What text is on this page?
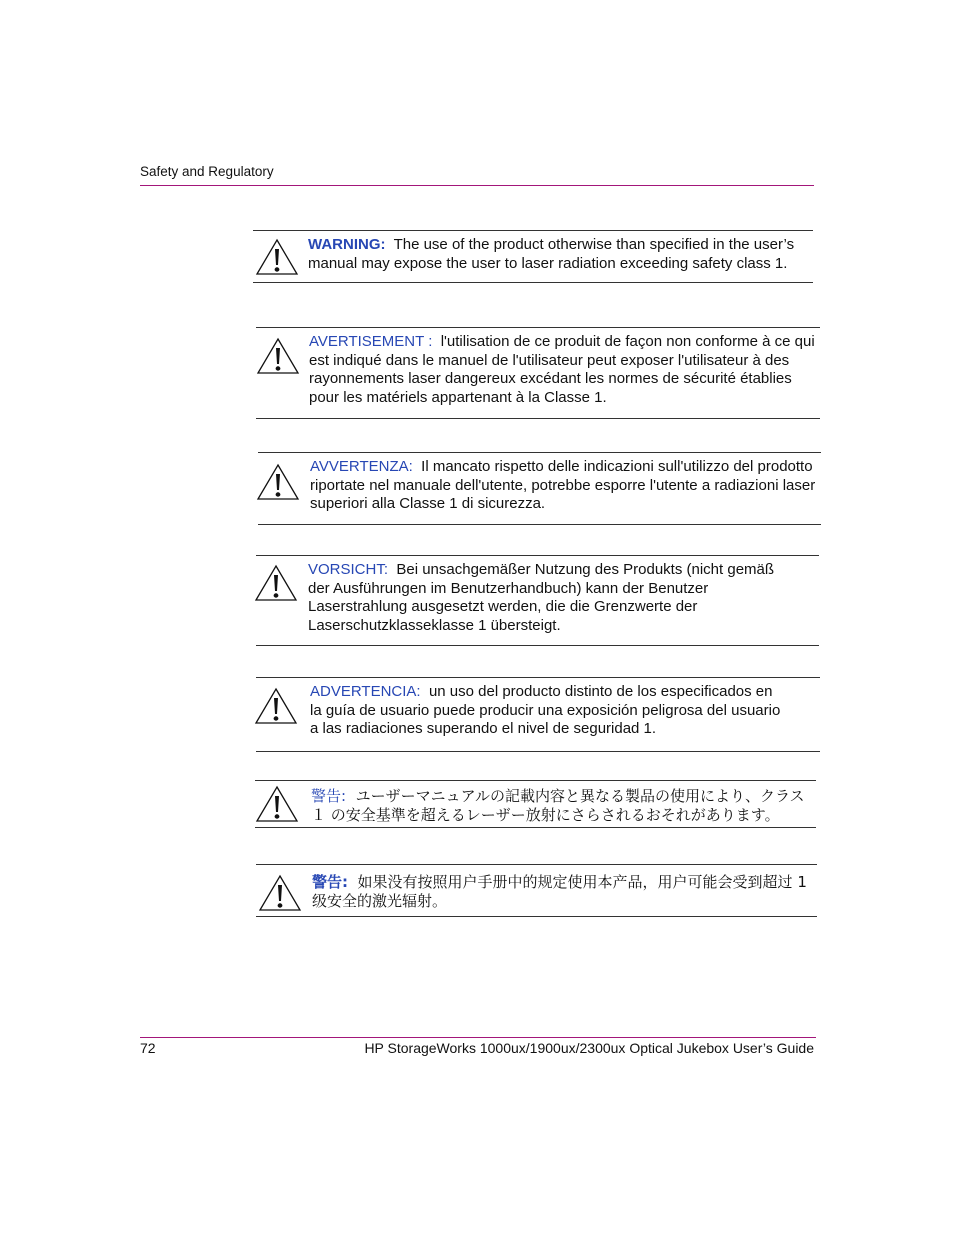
Safety and Regulatory
WARNING: The use of the product otherwise than specified in the user’s manual may expose the user to laser radiation exceeding safety class 1.
AVERTISEMENT : l'utilisation de ce produit de façon non conforme à ce qui est indiqué dans le manuel de l'utilisateur peut exposer l'utilisateur à des rayonnements laser dangereux excédant les normes de sécurité établies pour les matériels appartenant à la Classe 1.
AVVERTENZA: Il mancato rispetto delle indicazioni sull'utilizzo del prodotto riportate nel manuale dell'utente, potrebbe esporre l'utente a radiazioni laser superiori alla Classe 1 di sicurezza.
VORSICHT: Bei unsachgemäßer Nutzung des Produkts (nicht gemäß der Ausführungen im Benutzerhandbuch) kann der Benutzer Laserstrahlung ausgesetzt werden, die die Grenzwerte der Laserschutzklasseklasse 1 übersteigt.
ADVERTENCIA: un uso del producto distinto de los especificados en la guía de usuario puede producir una exposición peligrosa del usuario a las radiaciones superando el nivel de seguridad 1.
警告: ユーザーマニュアルの記載内容と異なる製品の使用により、クラス１ の安全基準を超えるレーザー放射にさらされるおそれがあります。
警告: 如果没有按照用户手册中的规定使用本产品，用户可能会受到超过 1 级安全的激光辐射。
72	HP StorageWorks 1000ux/1900ux/2300ux Optical Jukebox User’s Guide
